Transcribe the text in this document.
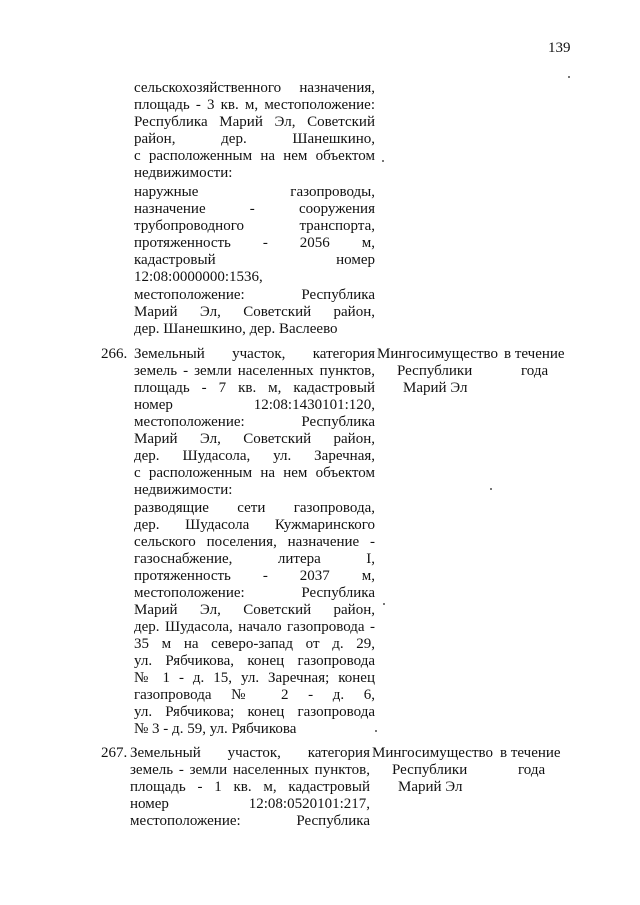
139
сельскохозяйственного назначения,
площадь - 3 кв. м, местоположение:
Республика Марий Эл, Советский
район, дер. Шанешкино,
с расположенным на нем объектом
недвижимости:
наружные газопроводы,
назначение - сооружения
трубопроводного транспорта,
протяженность - 2056 м,
кадастровый номер
12:08:0000000:1536,
местоположение: Республика
Марий Эл, Советский район,
дер. Шанешкино, дер. Васлеево
266. Земельный участок, категория
земель - земли населенных пунктов,
площадь - 7 кв. м, кадастровый
номер 12:08:1430101:120,
местоположение: Республика
Марий Эл, Советский район,
дер. Шудасола, ул. Заречная,
с расположенным на нем объектом
недвижимости:
разводящие сети газопровода,
дер. Шудасола Кужмаринского
сельского поселения, назначение -
газоснабжение, литера I,
протяженность - 2037 м,
местоположение: Республика
Марий Эл, Советский район,
дер. Шудасола, начало газопровода -
35 м на северо-запад от д. 29,
ул. Рябчикова, конец газопровода
№ 1 - д. 15, ул. Заречная; конец
газопровода № 2 - д. 6,
ул. Рябчикова; конец газопровода
№ 3 - д. 59, ул. Рябчикова
Мингосимущество
Республики
Марий Эл
в течение
года
267. Земельный участок, категория
земель - земли населенных пунктов,
площадь - 1 кв. м, кадастровый
номер 12:08:0520101:217,
местоположение: Республика
Мингосимущество
Республики
Марий Эл
в течение
года
